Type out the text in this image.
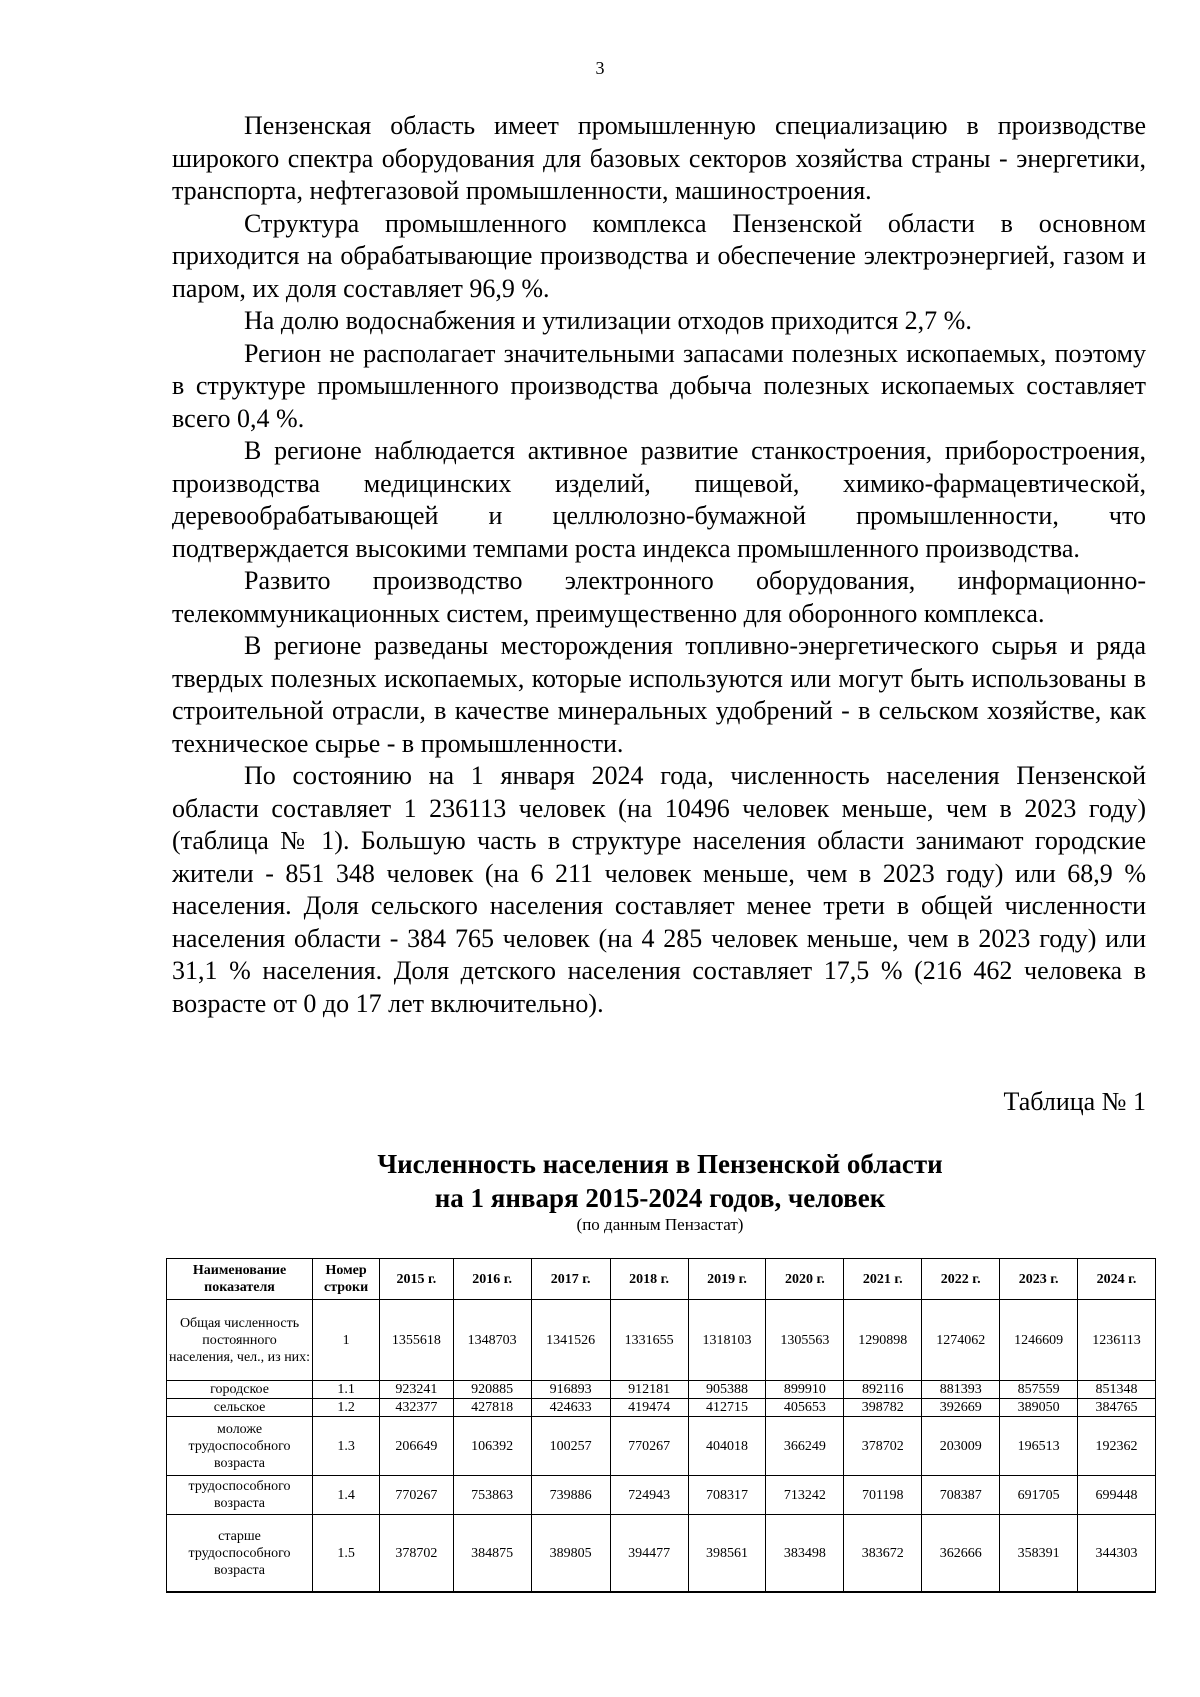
3

Пензенская область имеет промышленную специализацию в производстве широкого спектра оборудования для базовых секторов хозяйства страны - энергетики, транспорта, нефтегазовой промышленности, машиностроения.

Структура промышленного комплекса Пензенской области в основном приходится на обрабатывающие производства и обеспечение электроэнергией, газом и паром, их доля составляет 96,9 %.

На долю водоснабжения и утилизации отходов приходится 2,7 %.

Регион не располагает значительными запасами полезных ископаемых, поэтому в структуре промышленного производства добыча полезных ископаемых составляет всего 0,4 %.

В регионе наблюдается активное развитие станкостроения, приборостроения, производства медицинских изделий, пищевой, химико-фармацевтической, деревообрабатывающей и целлюлозно-бумажной промышленности, что подтверждается высокими темпами роста индекса промышленного производства.

Развито производство электронного оборудования, информационно-телекоммуникационных систем, преимущественно для оборонного комплекса.

В регионе разведаны месторождения топливно-энергетического сырья и ряда твердых полезных ископаемых, которые используются или могут быть использованы в строительной отрасли, в качестве минеральных удобрений - в сельском хозяйстве, как техническое сырье - в промышленности.

По состоянию на 1 января 2024 года, численность населения Пензенской области составляет 1 236113 человек (на 10496 человек меньше, чем в 2023 году) (таблица № 1). Большую часть в структуре населения области занимают городские жители - 851 348 человек (на 6 211 человек меньше, чем в 2023 году) или 68,9 % населения. Доля сельского населения составляет менее трети в общей численности населения области - 384 765 человек (на 4 285 человек меньше, чем в 2023 году) или 31,1 % населения. Доля детского населения составляет 17,5 % (216 462 человека в возрасте от 0 до 17 лет включительно).

Таблица № 1
Численность населения в Пензенской области
на 1 января 2015-2024 годов, человек
(по данным Пензастат)
Наименование показателя	Номер строки	2015 г.	2016 г.	2017 г.	2018 г.	2019 г.	2020 г.	2021 г.	2022 г.	2023 г.	2024 г.
Общая численность постоянного населения, чел., из них:	1	1355618	1348703	1341526	1331655	1318103	1305563	1290898	1274062	1246609	1236113
городское	1.1	923241	920885	916893	912181	905388	899910	892116	881393	857559	851348
сельское	1.2	432377	427818	424633	419474	412715	405653	398782	392669	389050	384765
моложе трудоспособного возраста	1.3	206649	106392	100257	770267	404018	366249	378702	203009	196513	192362
трудоспособного возраста	1.4	770267	753863	739886	724943	708317	713242	701198	708387	691705	699448
старше трудоспособного возраста	1.5	378702	384875	389805	394477	398561	383498	383672	362666	358391	344303
